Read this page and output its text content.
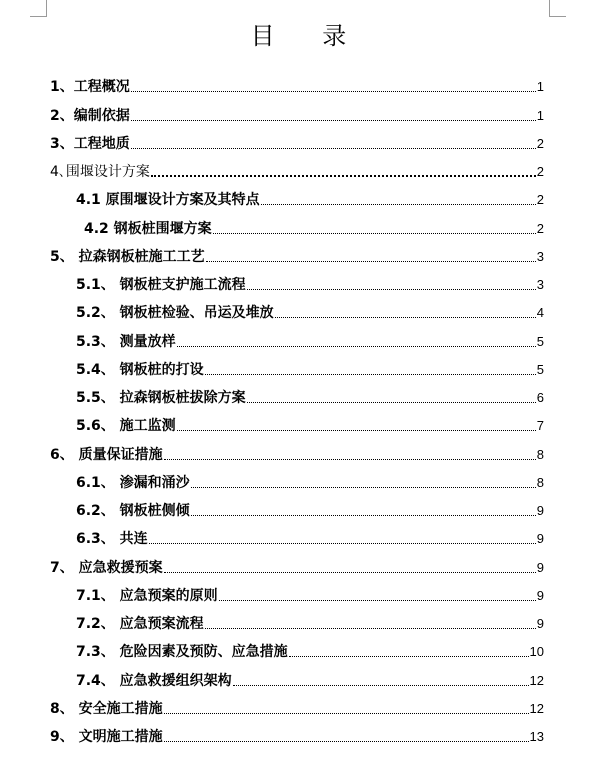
目 录
1、工程概况	1
2、编制依据	1
3、工程地质	2
4､围堰设计方案	2
4.1 原围堰设计方案及其特点	2
4.2 钢板桩围堰方案	2
5、 拉森钢板桩施工工艺	3
5.1、 钢板桩支护施工流程	3
5.2、 钢板桩检验、吊运及堆放	4
5.3、 测量放样	5
5.4、 钢板桩的打设	5
5.5、 拉森钢板桩拔除方案	6
5.6、 施工监测	7
6、 质量保证措施	8
6.1、 渗漏和涌沙	8
6.2、 钢板桩侧倾	9
6.3、 共连	9
7、 应急救援预案	9
7.1、 应急预案的原则	9
7.2、 应急预案流程	9
7.3、 危险因素及预防、应急措施	10
7.4、 应急救援组织架构	12
8、 安全施工措施	12
9、 文明施工措施	13
